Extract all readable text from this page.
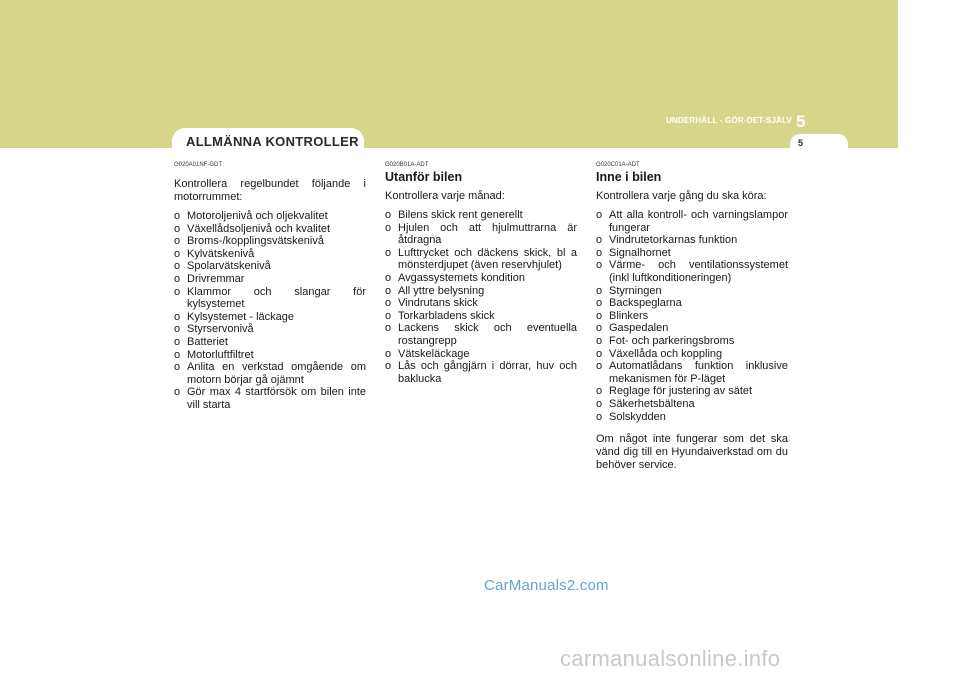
ALLMÄNNA KONTROLLER
UNDERHÅLL - GÖR-DET-SJÄLV 5
5

G020A01NF-GDT

Kontrollera regelbundet följande i motorrummet:

o Motoroljenivå och oljekvalitet
o Växellådsoljenivå och kvalitet
o Broms-/kopplingsvätskenivå
o Kylvätskenivå
o Spolarvätskenivå
o Drivremmar
o Klammor och slangar för kylsystemet
o Kylsystemet - läckage
o Styrservonivå
o Batteriet
o Motorluftfiltret
o Anlita en verkstad omgående om motorn börjar gå ojämnt
o Gör max 4 startförsök om bilen inte vill starta

G020B01A-ADT

Utanför bilen

Kontrollera varje månad:

o Bilens skick rent generellt
o Hjulen och att hjulmuttrarna är åtdragna
o Lufttrycket och däckens skick, bl a mönsterdjupet (även reservhjulet)
o Avgassystemets kondition
o All yttre belysning
o Vindrutans skick
o Torkarbladens skick
o Lackens skick och eventuella rostangrepp
o Vätskeläckage
o Lås och gångjärn i dörrar, huv och baklucka

G020C01A-ADT

Inne i bilen

Kontrollera varje gång du ska köra:

o Att alla kontroll- och varningslampor fungerar
o Vindrutetorkarnas funktion
o Signalhornet
o Värme- och ventilationssystemet (inkl luftkonditioneringen)
o Styrningen
o Backspeglarna
o Blinkers
o Gaspedalen
o Fot- och parkeringsbroms
o Växellåda och koppling
o Automatlådans funktion inklusive mekanismen för P-läget
o Reglage för justering av sätet
o Säkerhetsbältena
o Solskydden

Om något inte fungerar som det ska vänd dig till en Hyundaiverkstad om du behöver service.

CarManuals2.com
carmanualsonline.info
